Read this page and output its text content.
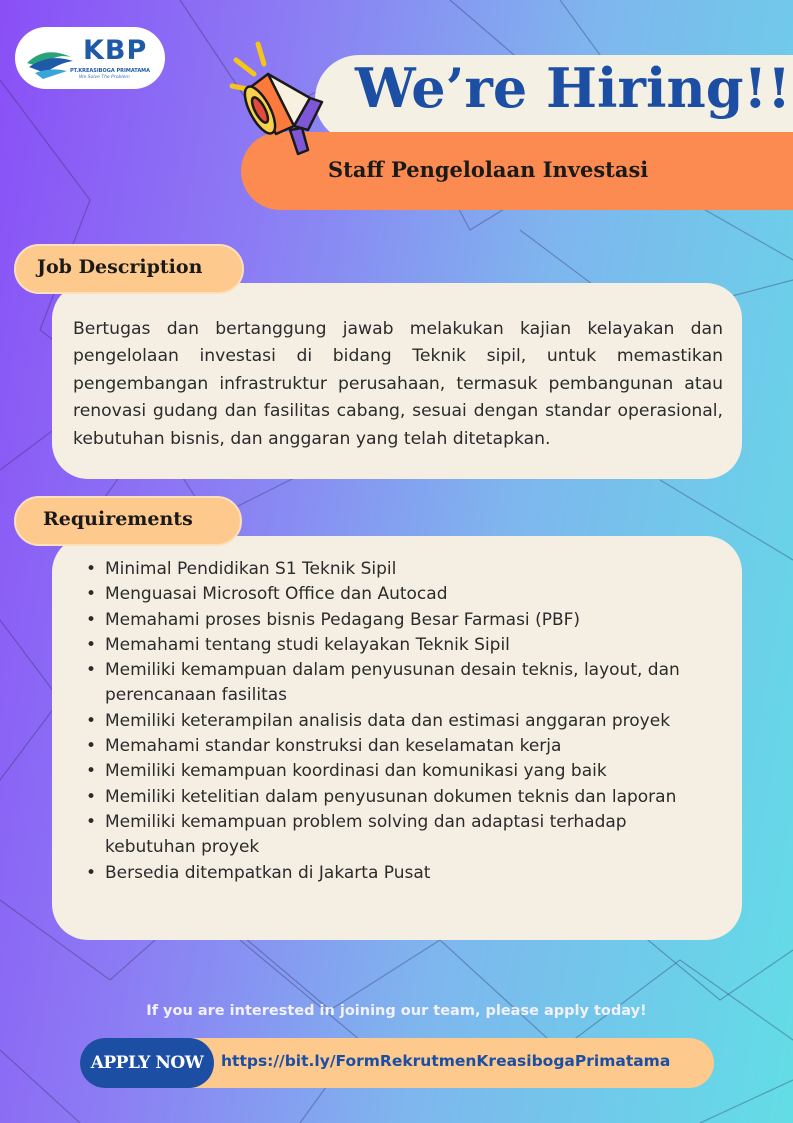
KBP
PT.KREASIBOGA PRIMATAMA
We Solve The Problem	We’re Hiring!!
Staff Pengelolaan Investasi
Job Description

Bertugas dan bertanggung jawab melakukan kajian kelayakan dan pengelolaan investasi di bidang Teknik sipil, untuk memastikan pengembangan infrastruktur perusahaan, termasuk pembangunan atau renovasi gudang dan fasilitas cabang, sesuai dengan standar operasional, kebutuhan bisnis, dan anggaran yang telah ditetapkan.

Requirements
• Minimal Pendidikan S1 Teknik Sipil
• Menguasai Microsoft Office dan Autocad
• Memahami proses bisnis Pedagang Besar Farmasi (PBF)
• Memahami tentang studi kelayakan Teknik Sipil
• Memiliki kemampuan dalam penyusunan desain teknis, layout, dan perencanaan fasilitas
• Memiliki keterampilan analisis data dan estimasi anggaran proyek
• Memahami standar konstruksi dan keselamatan kerja
• Memiliki kemampuan koordinasi dan komunikasi yang baik
• Memiliki ketelitian dalam penyusunan dokumen teknis dan laporan
• Memiliki kemampuan problem solving dan adaptasi terhadap kebutuhan proyek
• Bersedia ditempatkan di Jakarta Pusat
If you are interested in joining our team, please apply today!
APPLY NOW	https://bit.ly/FormRekrutmenKreasibogaPrimatama
